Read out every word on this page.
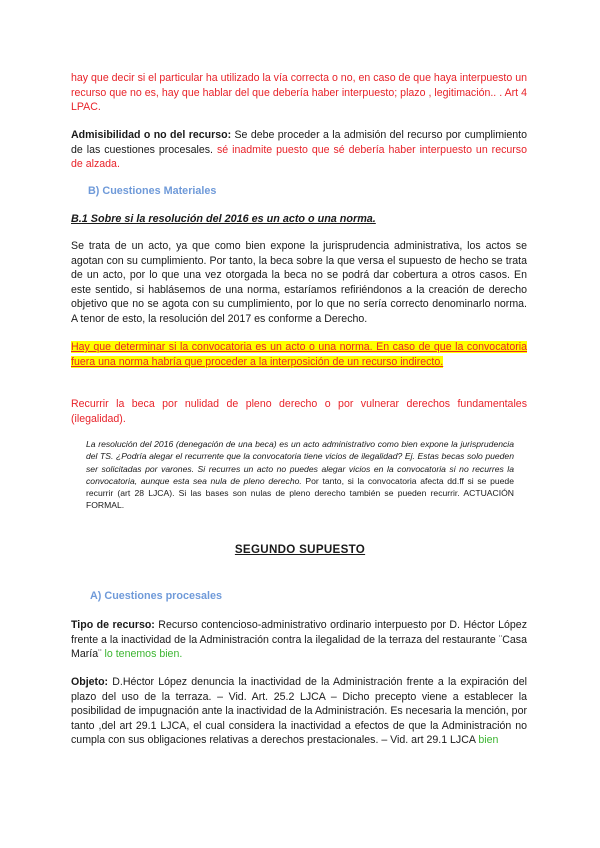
hay que decir si el particular ha utilizado la vía correcta o no, en caso de que haya interpuesto un recurso que no es, hay que hablar del que debería haber interpuesto; plazo , legitimación.. . Art 4 LPAC.

Admisibilidad o no del recurso: Se debe proceder a la admisión del recurso por cumplimiento de las cuestiones procesales. sé inadmite puesto que sé debería haber interpuesto un recurso de alzada.

B) Cuestiones Materiales

B.1 Sobre si la resolución del 2016 es un acto o una norma.

Se trata de un acto, ya que como bien expone la jurisprudencia administrativa, los actos se agotan con su cumplimiento. Por tanto, la beca sobre la que versa el supuesto de hecho se trata de un acto, por lo que una vez otorgada la beca no se podrá dar cobertura a otros casos. En este sentido, si hablásemos de una norma, estaríamos refiriéndonos a la creación de derecho objetivo que no se agota con su cumplimiento, por lo que no sería correcto denominarlo norma. A tenor de esto, la resolución del 2017 es conforme a Derecho.

Hay que determinar si la convocatoria es un acto o una norma. En caso de que la convocatoria fuera una norma habría que proceder a la interposición de un recurso indirecto.

Recurrir la beca por nulidad de pleno derecho o por vulnerar derechos fundamentales (ilegalidad).

La resolución del 2016 (denegación de una beca) es un acto administrativo como bien expone la jurisprudencia del TS. ¿Podría alegar el recurrente que la convocatoria tiene vicios de ilegalidad? Ej. Estas becas solo pueden ser solicitadas por varones. Si recurres un acto no puedes alegar vicios en la convocatoria si no recurres la convocatoria, aunque esta sea nula de pleno derecho. Por tanto, si la convocatoria afecta dd.ff si se puede recurrir (art 28 LJCA). Si las bases son nulas de pleno derecho también se pueden recurrir. ACTUACIÓN FORMAL.

SEGUNDO SUPUESTO

A) Cuestiones procesales

Tipo de recurso: Recurso contencioso-administrativo ordinario interpuesto por D. Héctor López frente a la inactividad de la Administración contra la ilegalidad de la terraza del restaurante ¨Casa María¨ lo tenemos bien.

Objeto: D.Héctor López denuncia la inactividad de la Administración frente a la expiración del plazo del uso de la terraza. – Vid. Art. 25.2 LJCA – Dicho precepto viene a establecer la posibilidad de impugnación ante la inactividad de la Administración. Es necesaria la mención, por tanto ,del art 29.1 LJCA, el cual considera la inactividad a efectos de que la Administración no cumpla con sus obligaciones relativas a derechos prestacionales. – Vid. art 29.1 LJCA bien
